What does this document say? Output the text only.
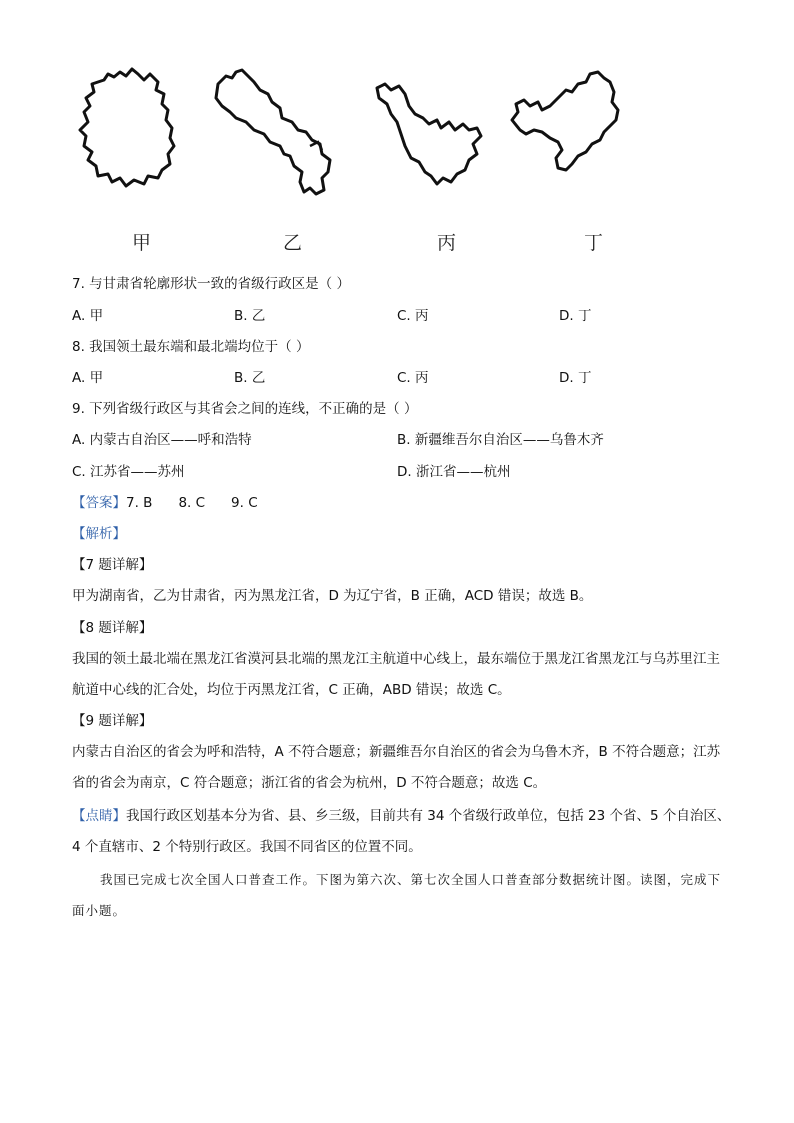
甲	乙	丙	丁
7. 与甘肃省轮廓形状一致的省级行政区是（ ）
A. 甲	B. 乙	C. 丙	D. 丁
8. 我国领土最东端和最北端均位于（ ）
A. 甲	B. 乙	C. 丙	D. 丁
9. 下列省级行政区与其省会之间的连线，不正确的是（ ）
A. 内蒙古自治区——呼和浩特	B. 新疆维吾尔自治区——乌鲁木齐
C. 江苏省——苏州	D. 浙江省——杭州
【答案】7. B 8. C 9. C
【解析】
【7 题详解】
甲为湖南省，乙为甘肃省，丙为黑龙江省，D 为辽宁省，B 正确，ACD 错误；故选 B。
【8 题详解】
我国的领土最北端在黑龙江省漠河县北端的黑龙江主航道中心线上，最东端位于黑龙江省黑龙江与乌苏里江主航道中心线的汇合处，均位于丙黑龙江省，C 正确，ABD 错误；故选 C。
【9 题详解】
内蒙古自治区的省会为呼和浩特，A 不符合题意；新疆维吾尔自治区的省会为乌鲁木齐，B 不符合题意；江苏省的省会为南京，C 符合题意；浙江省的省会为杭州，D 不符合题意；故选 C。
【点睛】我国行政区划基本分为省、县、乡三级，目前共有 34 个省级行政单位，包括 23 个省、5 个自治区、4 个直辖市、2 个特别行政区。我国不同省区的位置不同。
我国已完成七次全国人口普查工作。下图为第六次、第七次全国人口普查部分数据统计图。读图，完成下面小题。
